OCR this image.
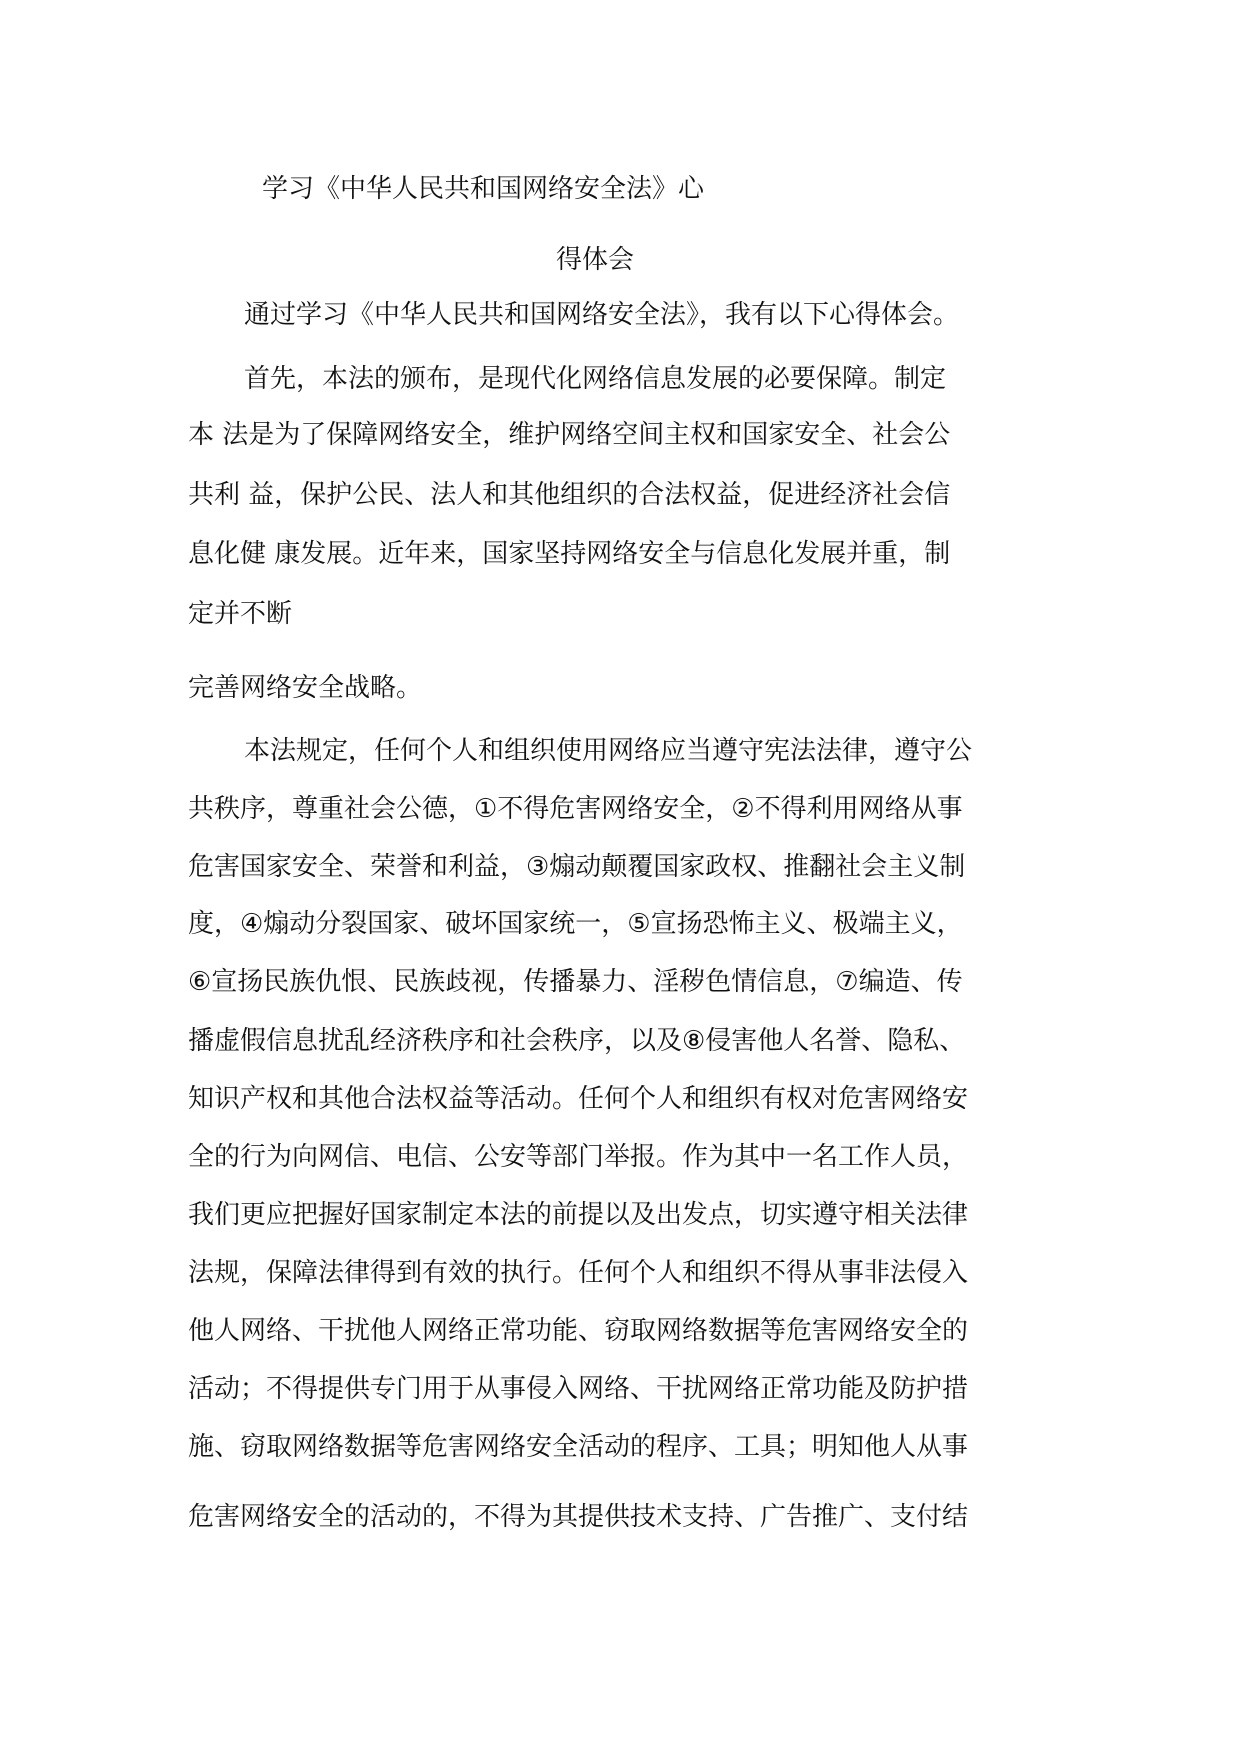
学习《中华人民共和国网络安全法》心

得体会

通过学习《中华人民共和国网络安全法》，我有以下心得体会。

首先，本法的颁布，是现代化网络信息发展的必要保障。制定

本 法是为了保障网络安全，维护网络空间主权和国家安全、社会公

共利 益，保护公民、法人和其他组织的合法权益，促进经济社会信

息化健 康发展。近年来，国家坚持网络安全与信息化发展并重，制

定并不断

完善网络安全战略。

本法规定，任何个人和组织使用网络应当遵守宪法法律，遵守公

共秩序，尊重社会公德，①不得危害网络安全，②不得利用网络从事

危害国家安全、荣誉和利益，③煽动颠覆国家政权、推翻社会主义制

度，④煽动分裂国家、破坏国家统一，⑤宣扬恐怖主义、极端主义，

⑥宣扬民族仇恨、民族歧视，传播暴力、淫秽色情信息，⑦编造、传

播虚假信息扰乱经济秩序和社会秩序，以及⑧侵害他人名誉、隐私、

知识产权和其他合法权益等活动。任何个人和组织有权对危害网络安

全的行为向网信、电信、公安等部门举报。作为其中一名工作人员，

我们更应把握好国家制定本法的前提以及出发点，切实遵守相关法律

法规，保障法律得到有效的执行。任何个人和组织不得从事非法侵入

他人网络、干扰他人网络正常功能、窃取网络数据等危害网络安全的

活动；不得提供专门用于从事侵入网络、干扰网络正常功能及防护措

施、窃取网络数据等危害网络安全活动的程序、工具；明知他人从事

危害网络安全的活动的，不得为其提供技术支持、广告推广、支付结
